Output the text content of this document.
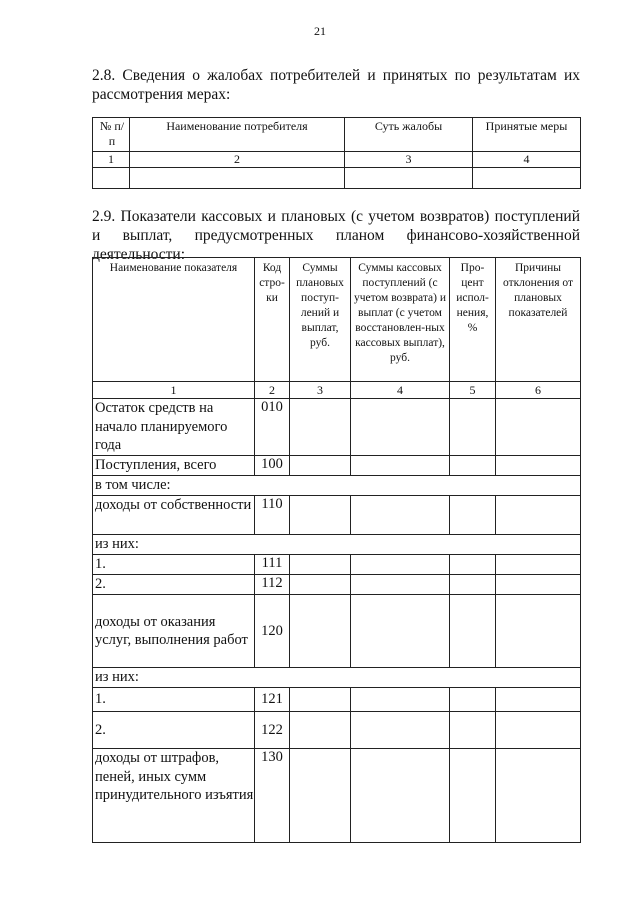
21
2.8. Сведения о жалобах потребителей и принятых по результатам их рассмотрения мерах:
№ п/п	Наименование потребителя	Суть жалобы	Принятые меры
1	2	3	4

2.9. Показатели кассовых и плановых (с учетом возвратов) поступлений и выплат, предусмотренных планом финансово-хозяйственной деятельности:
Наименование показателя	Код стро-ки	Суммы плановых поступ-лений и выплат, руб.	Суммы кассовых поступлений (с учетом возврата) и выплат (с учетом восстановлен-ных кассовых выплат), руб.	Про-цент испол-нения, %	Причины отклонения от плановых показателей
1	2	3	4	5	6
Остаток средств на начало планируемого года	010				
Поступления, всего	100				
в том числе:					
доходы от собственности	110				
из них:					
1.	111				
2.	112				
доходы от оказания услуг, выполнения работ	120				
из них:					
1.	121				
2.	122				
доходы от штрафов, пеней, иных сумм принудительного изъятия	130				
